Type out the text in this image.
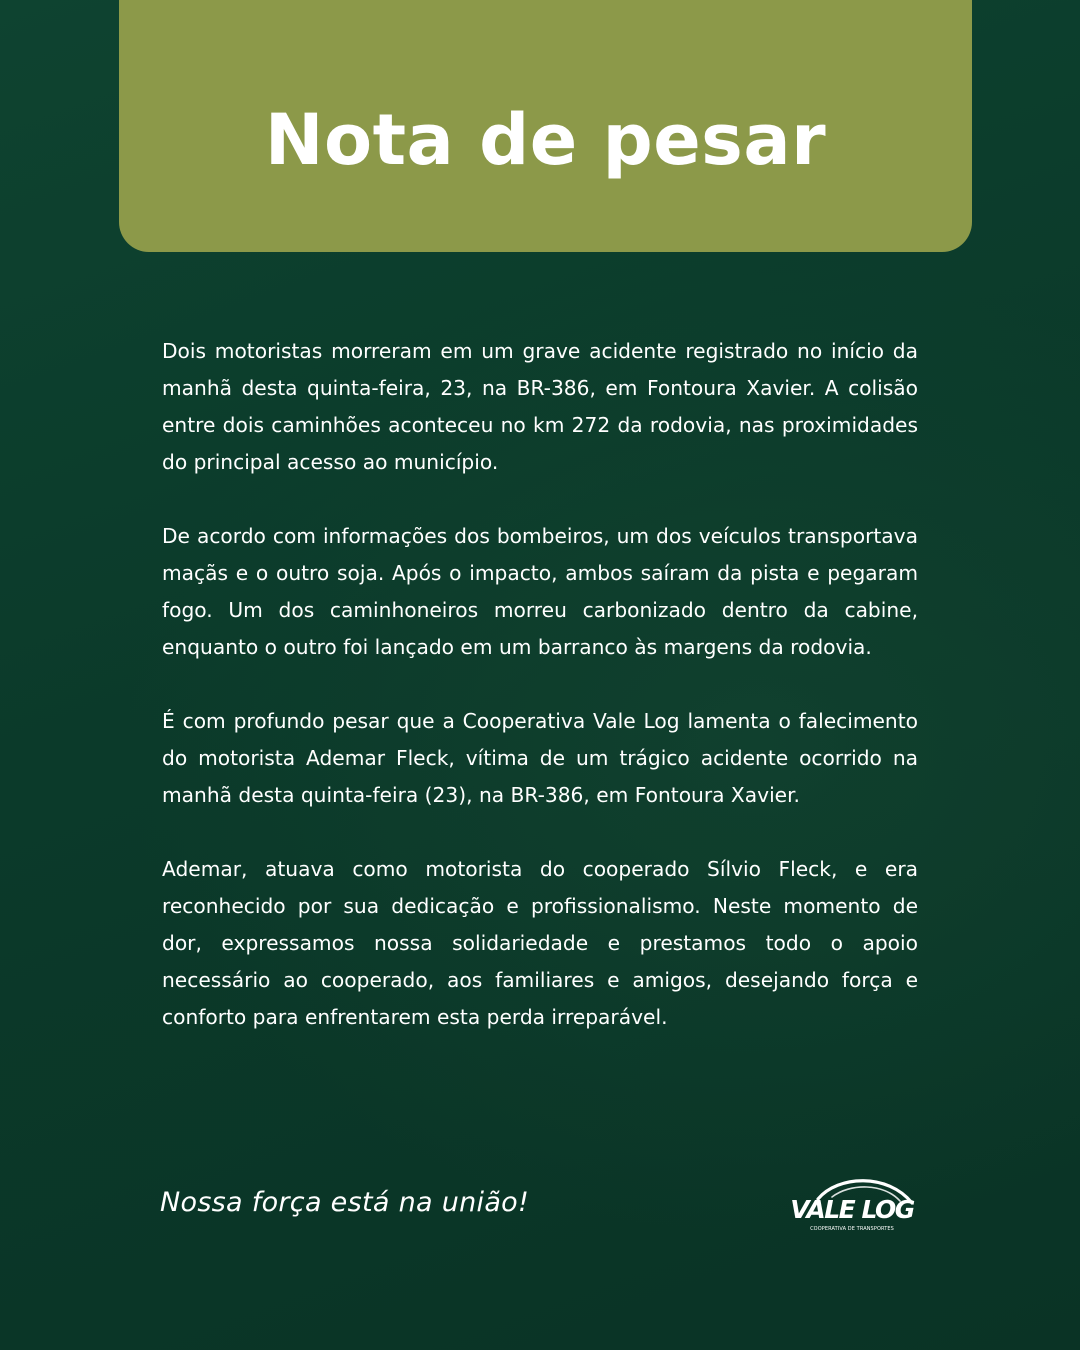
Nota de pesar

Dois motoristas morreram em um grave acidente registrado no início da manhã desta quinta-feira, 23, na BR-386, em Fontoura Xavier. A colisão entre dois caminhões aconteceu no km 272 da rodovia, nas proximidades do principal acesso ao município.

De acordo com informações dos bombeiros, um dos veículos transportava maçãs e o outro soja. Após o impacto, ambos saíram da pista e pegaram fogo. Um dos caminhoneiros morreu carbonizado dentro da cabine, enquanto o outro foi lançado em um barranco às margens da rodovia.

É com profundo pesar que a Cooperativa Vale Log lamenta o falecimento do motorista Ademar Fleck, vítima de um trágico acidente ocorrido na manhã desta quinta-feira (23), na BR-386, em Fontoura Xavier.

Ademar, atuava como motorista do cooperado Sílvio Fleck, e era reconhecido por sua dedicação e profissionalismo. Neste momento de dor, expressamos nossa solidariedade e prestamos todo o apoio necessário ao cooperado, aos familiares e amigos, desejando força e conforto para enfrentarem esta perda irreparável.

Nossa força está na união!	VALE LOG
COOPERATIVA DE TRANSPORTES
